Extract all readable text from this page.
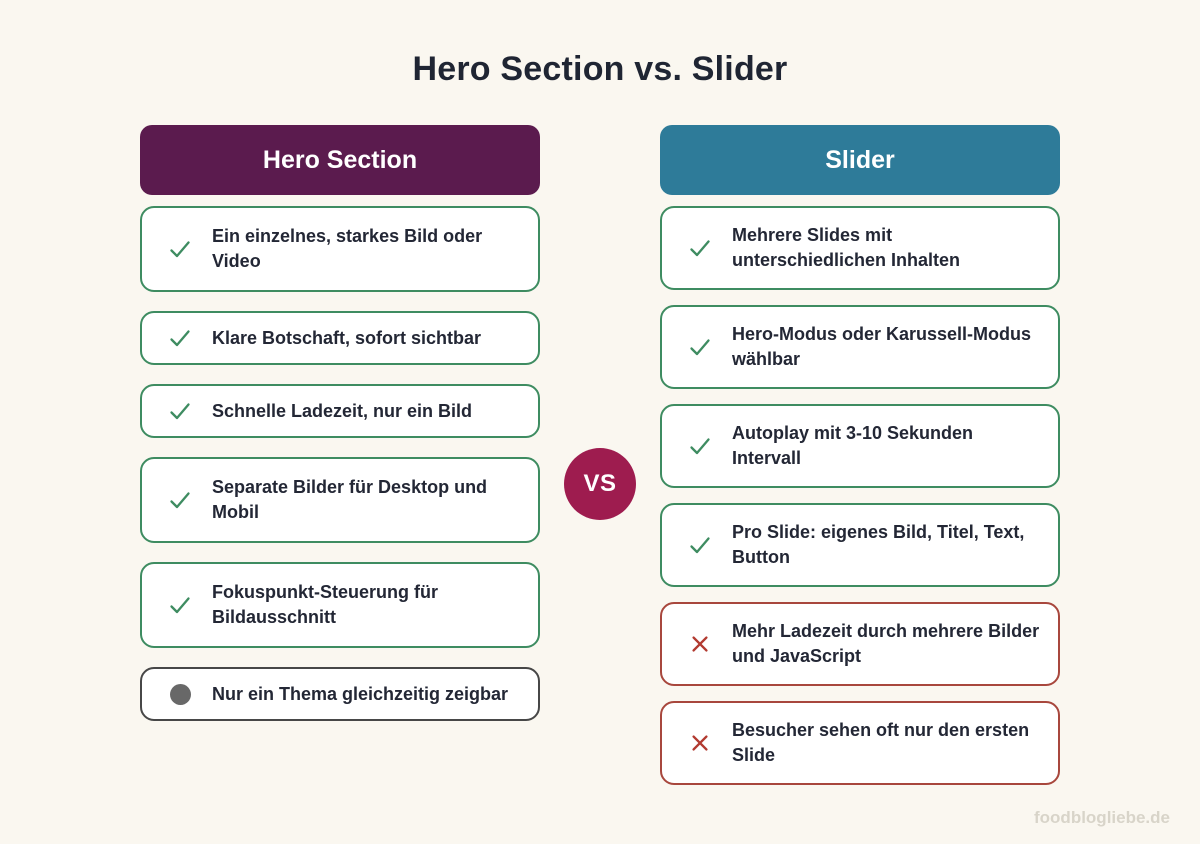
Hero Section vs. Slider
Hero Section
Ein einzelnes, starkes Bild oder Video
Klare Botschaft, sofort sichtbar
Schnelle Ladezeit, nur ein Bild
Separate Bilder für Desktop und Mobil
Fokuspunkt-Steuerung für Bildausschnitt
Nur ein Thema gleichzeitig zeigbar
Slider
Mehrere Slides mit unterschiedlichen Inhalten
Hero-Modus oder Karussell-Modus wählbar
Autoplay mit 3-10 Sekunden Intervall
Pro Slide: eigenes Bild, Titel, Text, Button
Mehr Ladezeit durch mehrere Bilder und JavaScript
Besucher sehen oft nur den ersten Slide
VS
foodblogliebe.de
